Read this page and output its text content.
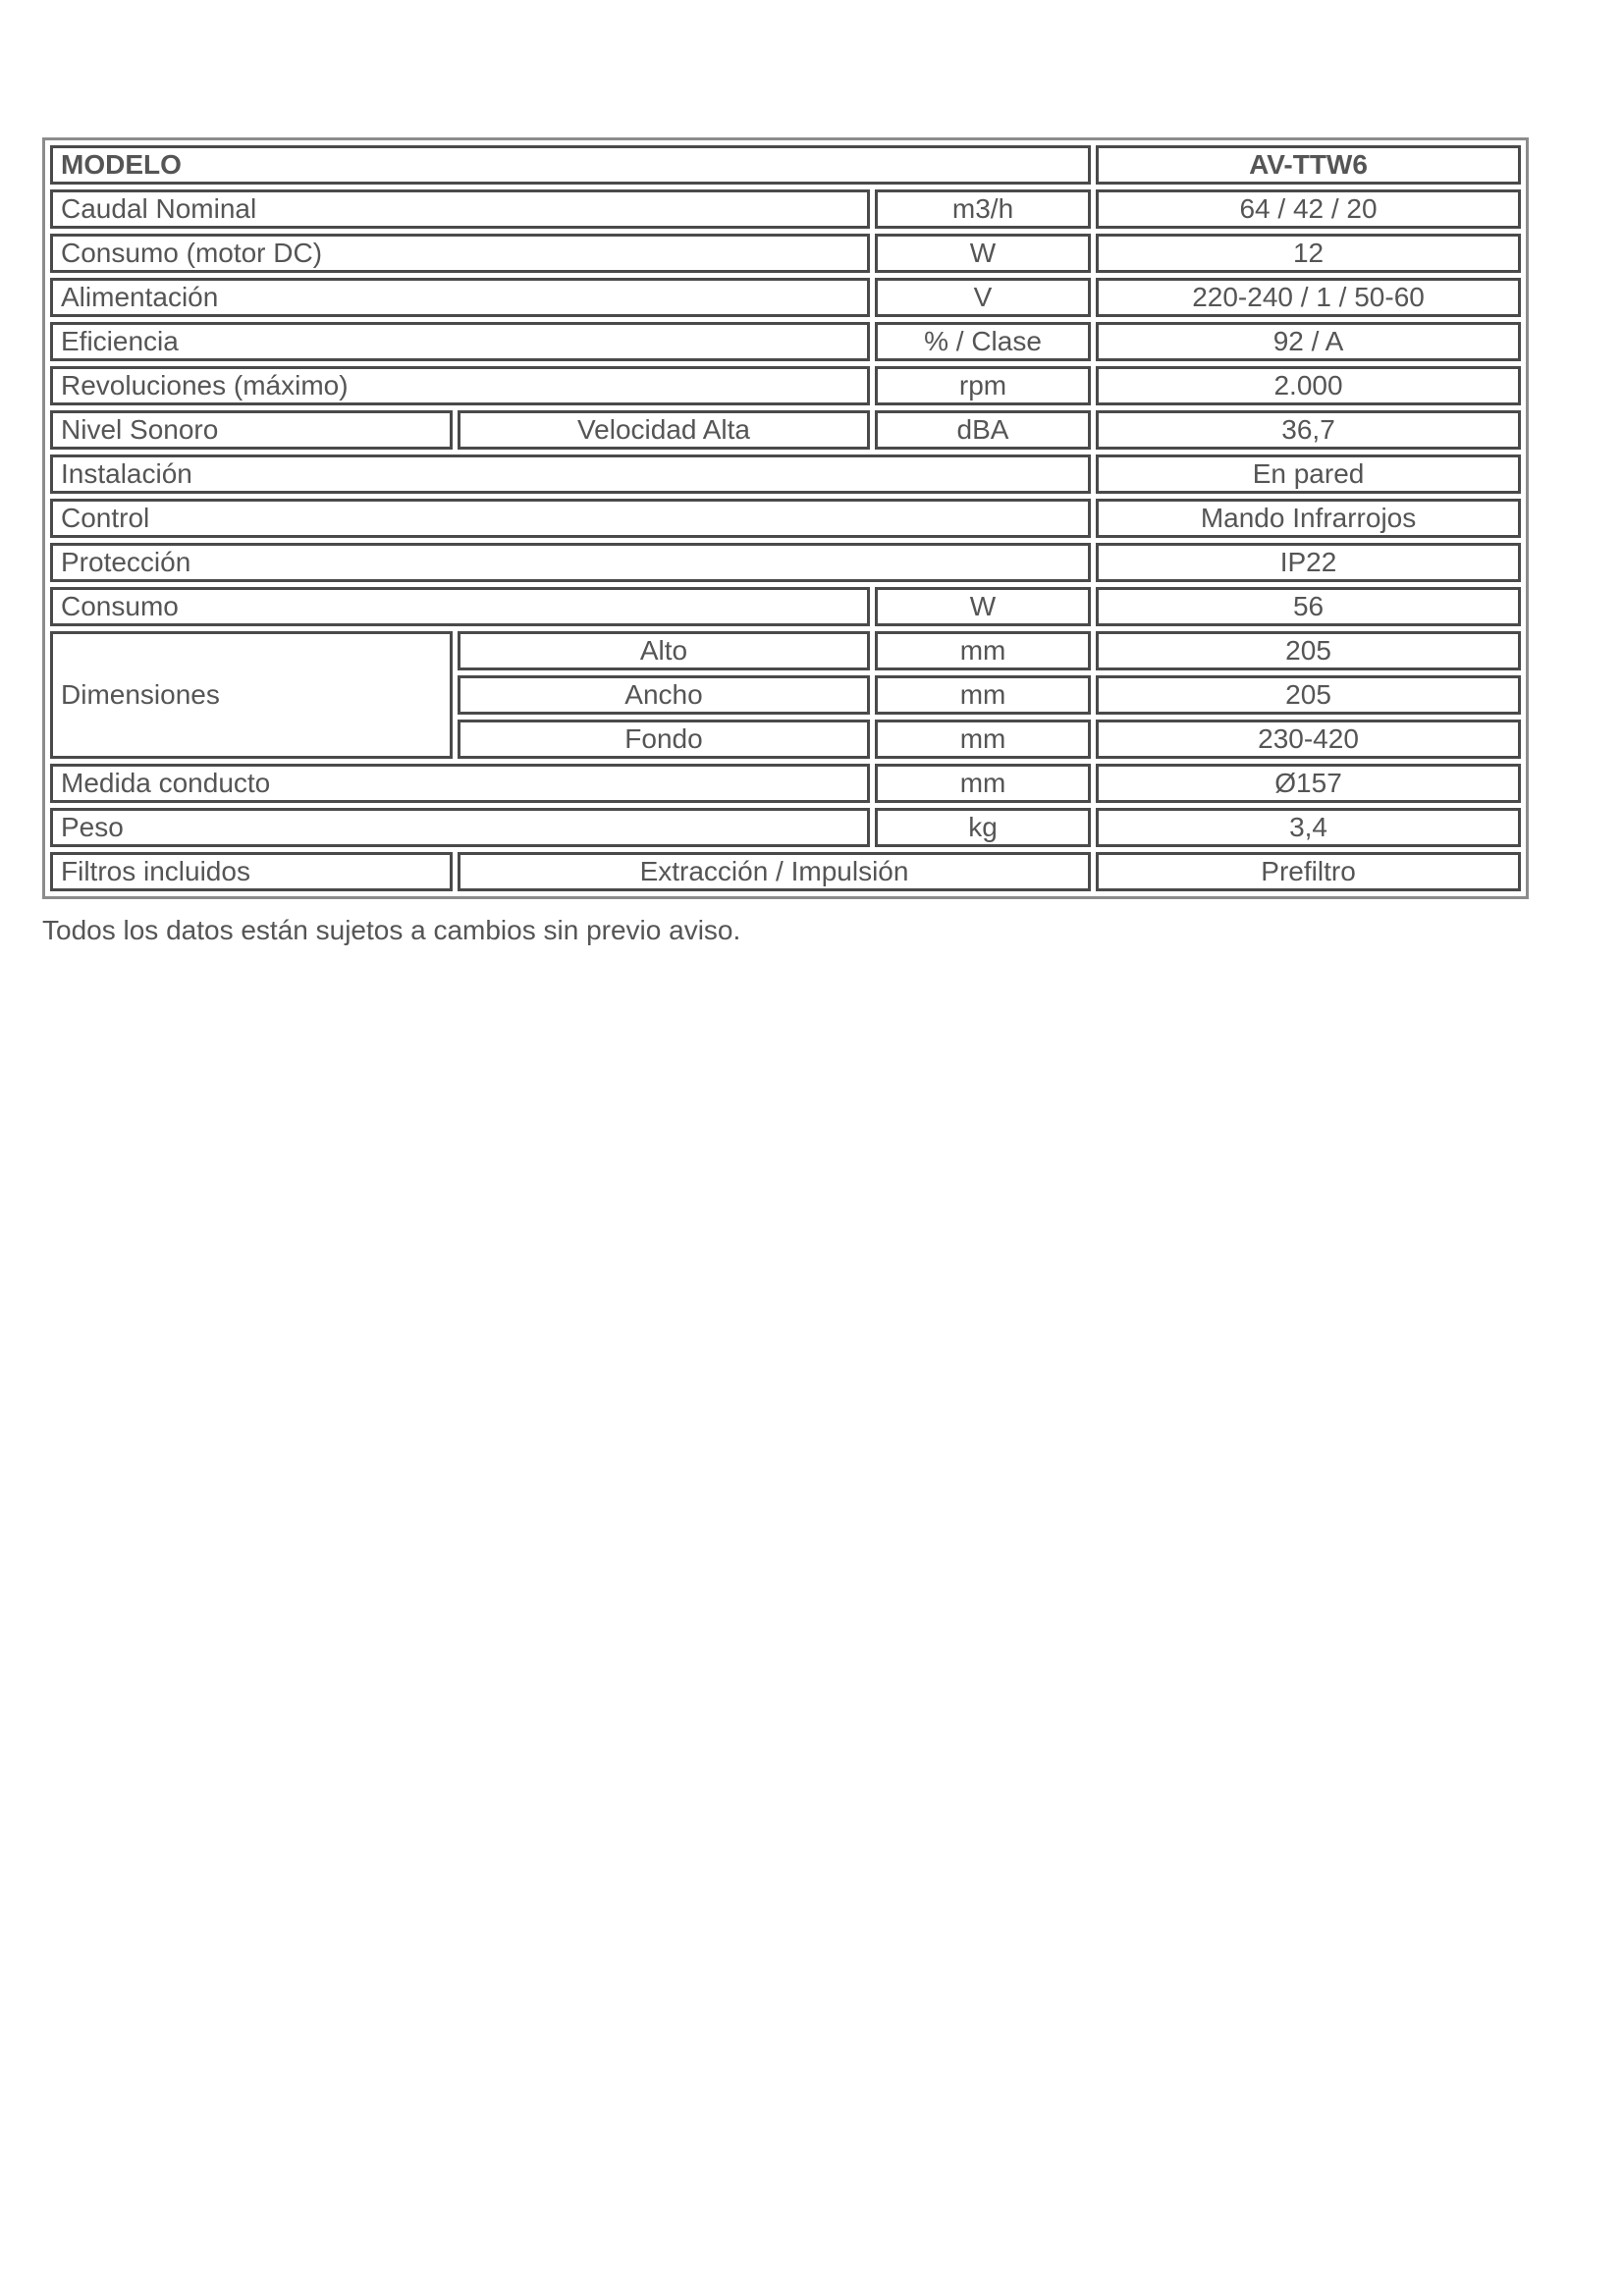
MODELO			AV-TTW6
Caudal Nominal		m3/h	64 / 42 / 20
Consumo (motor DC)		W	12
Alimentación		V	220-240 / 1 / 50-60
Eficiencia		% / Clase	92 / A
Revoluciones (máximo)		rpm	2.000
Nivel Sonoro	Velocidad Alta	dBA	36,7
Instalación			En pared
Control			Mando Infrarrojos
Protección			IP22
Consumo		W	56
Dimensiones	Alto	mm	205
	Ancho	mm	205
	Fondo	mm	230-420
Medida conducto		mm	Ø157
Peso		kg	3,4
Filtros incluidos	Extracción / Impulsión		Prefiltro

Todos los datos están sujetos a cambios sin previo aviso.
